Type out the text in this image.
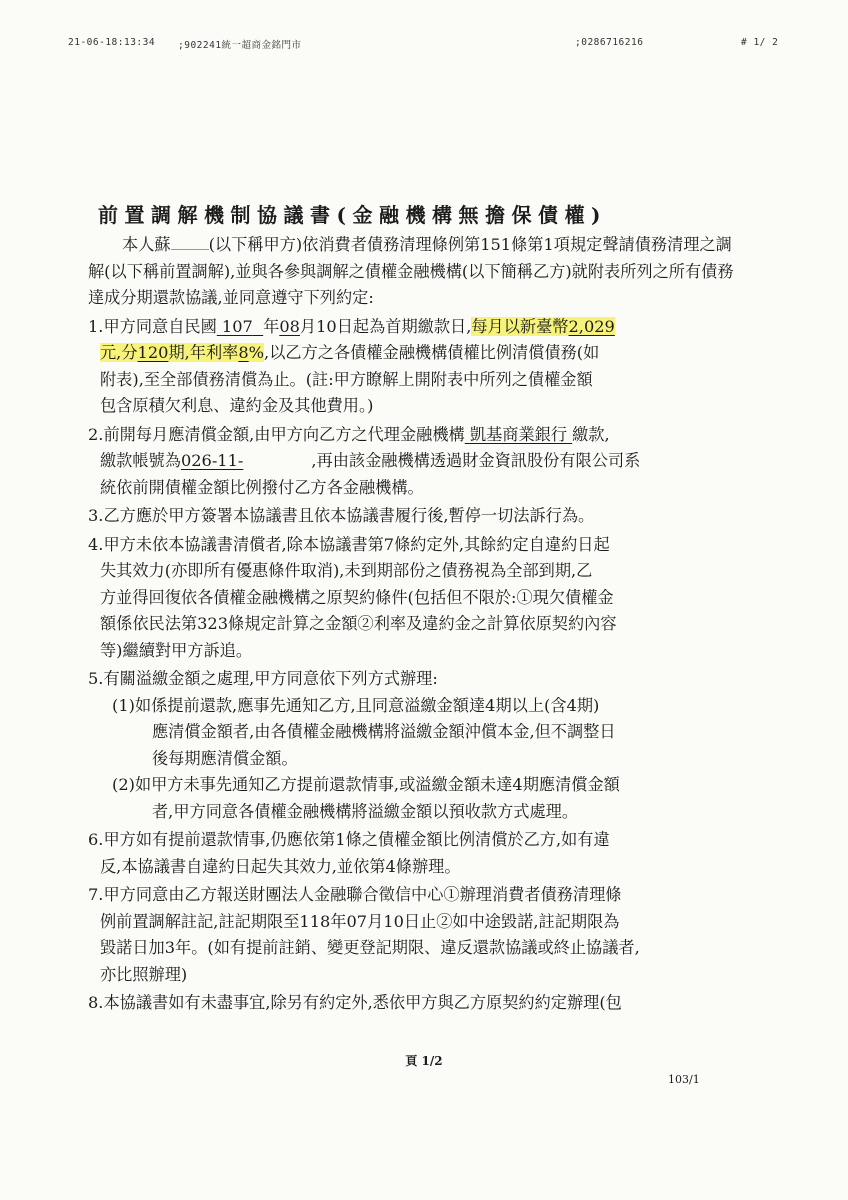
21-06-18:13:34 ;902241統一超商金銘門市	;0286716216	# 1/ 2
前置調解機制協議書(金融機構無擔保債權)

本人蘇 (以下稱甲方)依消費者債務清理條例第151條第1項規定聲請債務清理之調解(以下稱前置調解),並與各參與調解之債權金融機構(以下簡稱乙方)就附表所列之所有債務達成分期還款協議,並同意遵守下列約定:

1.甲方同意自民國 107 年08月10日起為首期繳款日,每月以新臺幣2,029
元,分120期,年利率8%,以乙方之各債權金融機構債權比例清償債務(如
附表),至全部債務清償為止。(註:甲方瞭解上開附表中所列之債權金額
包含原積欠利息、違約金及其他費用。)
2.前開每月應清償金額,由甲方向乙方之代理金融機構 凱基商業銀行 繳款,
繳款帳號為026-11-	,再由該金融機構透過財金資訊股份有限公司系
統依前開債權金額比例撥付乙方各金融機構。
3.乙方應於甲方簽署本協議書且依本協議書履行後,暫停一切法訴行為。
4.甲方未依本協議書清償者,除本協議書第7條約定外,其餘約定自違約日起
失其效力(亦即所有優惠條件取消),未到期部份之債務視為全部到期,乙
方並得回復依各債權金融機構之原契約條件(包括但不限於:①現欠債權金
額係依民法第323條規定計算之金額②利率及違約金之計算依原契約內容
等)繼續對甲方訴追。
5.有關溢繳金額之處理,甲方同意依下列方式辦理:
(1)如係提前還款,應事先通知乙方,且同意溢繳金額達4期以上(含4期)
應清償金額者,由各債權金融機構將溢繳金額沖償本金,但不調整日
後每期應清償金額。
(2)如甲方未事先通知乙方提前還款情事,或溢繳金額未達4期應清償金額
者,甲方同意各債權金融機構將溢繳金額以預收款方式處理。
6.甲方如有提前還款情事,仍應依第1條之債權金額比例清償於乙方,如有違
反,本協議書自違約日起失其效力,並依第4條辦理。
7.甲方同意由乙方報送財團法人金融聯合徵信中心①辦理消費者債務清理條
例前置調解註記,註記期限至118年07月10日止②如中途毀諾,註記期限為
毀諾日加3年。(如有提前註銷、變更登記期限、違反還款協議或終止協議者,
亦比照辦理)
8.本協議書如有未盡事宜,除另有約定外,悉依甲方與乙方原契約約定辦理(包
頁 1/2
103/1
